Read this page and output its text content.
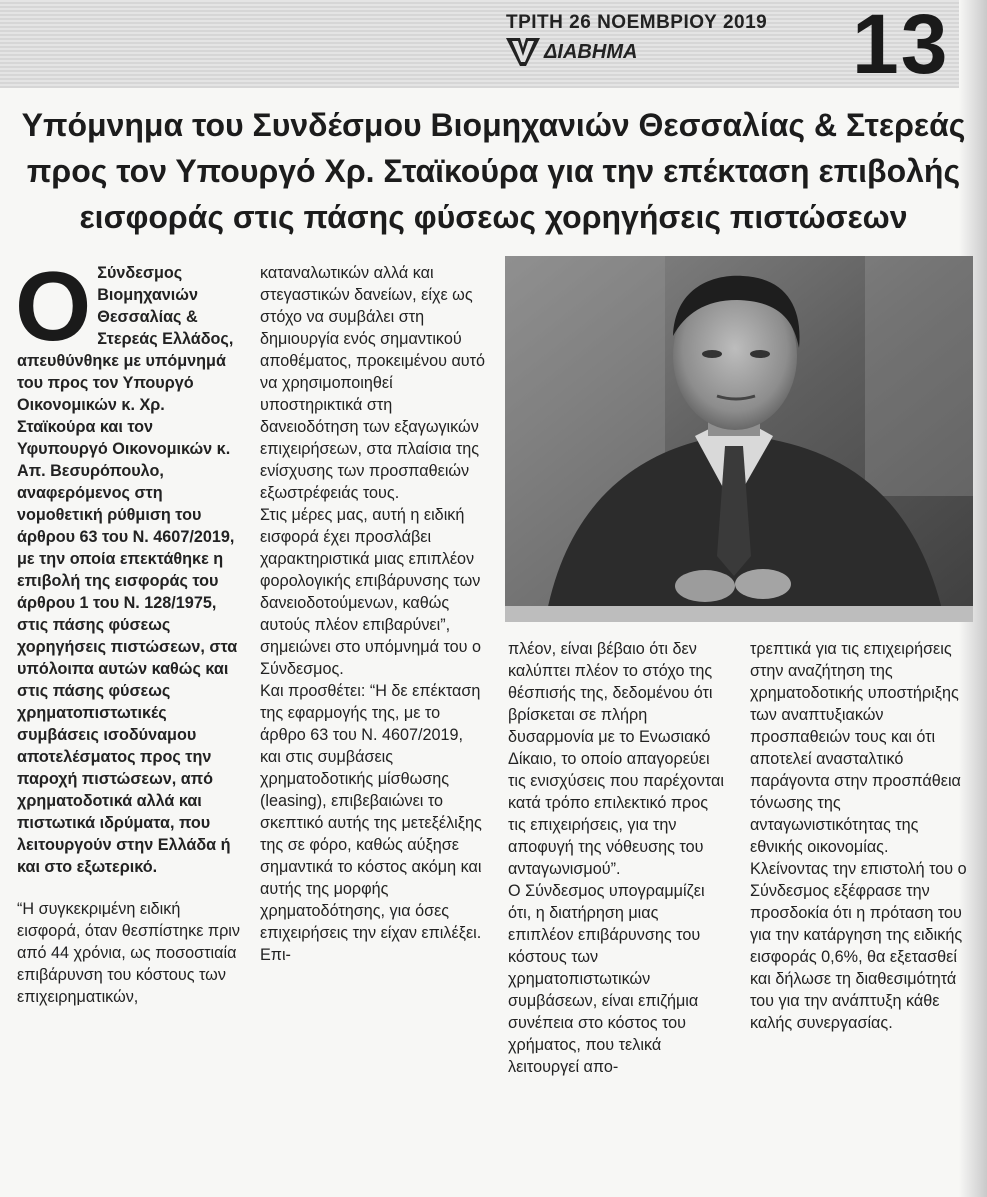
ΤΡΙΤΗ 26 ΝΟΕΜΒΡΙΟΥ 2019
ΔΙΑΒΗΜΑ	13
Υπόμνημα του Συνδέσμου Βιομηχανιών Θεσσαλίας & Στερεάς
προς τον Υπουργό Χρ. Σταϊκούρα για την επέκταση επιβολής
εισφοράς στις πάσης φύσεως χορηγήσεις πιστώσεων

Ο Σύνδεσμος Βιομηχανιών Θεσσαλίας & Στερεάς Ελλάδος, απευθύνθηκε με υπόμνημά του προς τον Υπουργό Οικονομικών κ. Χρ. Σταϊκούρα και τον Υφυπουργό Οικονομικών κ. Απ. Βεσυρόπουλο, αναφερόμενος στη νομοθετική ρύθμιση του άρθρου 63 του Ν. 4607/2019, με την οποία επεκτάθηκε η επιβολή της εισφοράς του άρθρου 1 του Ν. 128/1975, στις πάσης φύσεως χορηγήσεις πιστώσεων, στα υπόλοιπα αυτών καθώς και στις πάσης φύσεως χρηματοπιστωτικές συμβάσεις ισοδύναμου αποτελέσματος προς την παροχή πιστώσεων, από χρηματοδοτικά αλλά και πιστωτικά ιδρύματα, που λειτουργούν στην Ελλάδα ή και στο εξωτερικό.

“Η συγκεκριμένη ειδική εισφορά, όταν θεσπίστηκε πριν από 44 χρόνια, ως ποσοστιαία επιβάρυνση του κόστους των επιχειρηματικών,

καταναλωτικών αλλά και στεγαστικών δανείων, είχε ως στόχο να συμβάλει στη δημιουργία ενός σημαντικού αποθέματος, προκειμένου αυτό να χρησιμοποιηθεί υποστηρικτικά στη δανειοδότηση των εξαγωγικών επιχειρήσεων, στα πλαίσια της ενίσχυσης των προσπαθειών εξωστρέφειάς τους.

Στις μέρες μας, αυτή η ειδική εισφορά έχει προσλάβει χαρακτηριστικά μιας επιπλέον φορολογικής επιβάρυνσης των δανειοδοτούμενων, καθώς αυτούς πλέον επιβαρύνει”, σημειώνει στο υπόμνημά του ο Σύνδεσμος.

Και προσθέτει: “Η δε επέκταση της εφαρμογής της, με το άρθρο 63 του Ν. 4607/2019, και στις συμβάσεις χρηματοδοτικής μίσθωσης (leasing), επιβεβαιώνει το σκεπτικό αυτής της μετεξέλιξης της σε φόρο, καθώς αύξησε σημαντικά το κόστος ακόμη και αυτής της μορφής χρηματοδότησης, για όσες επιχειρήσεις την είχαν επιλέξει. Επι-

πλέον, είναι βέβαιο ότι δεν καλύπτει πλέον το στόχο της θέσπισής της, δεδομένου ότι βρίσκεται σε πλήρη δυσαρμονία με το Ενωσιακό Δίκαιο, το οποίο απαγορεύει τις ενισχύσεις που παρέχονται κατά τρόπο επιλεκτικό προς τις επιχειρήσεις, για την αποφυγή της νόθευσης του ανταγωνισμού”.

Ο Σύνδεσμος υπογραμμίζει ότι, η διατήρηση μιας επιπλέον επιβάρυνσης του κόστους των χρηματοπιστωτικών συμβάσεων, είναι επιζήμια συνέπεια στο κόστος του χρήματος, που τελικά λειτουργεί απο-

τρεπτικά για τις επιχειρήσεις στην αναζήτηση της χρηματοδοτικής υποστήριξης των αναπτυξιακών προσπαθειών τους και ότι αποτελεί ανασταλτικό παράγοντα στην προσπάθεια τόνωσης της ανταγωνιστικότητας της εθνικής οικονομίας.

Κλείνοντας την επιστολή του ο Σύνδεσμος εξέφρασε την προσδοκία ότι η πρόταση του για την κατάργηση της ειδικής εισφοράς 0,6%, θα εξετασθεί και δήλωσε τη διαθεσιμότητά του για την ανάπτυξη κάθε καλής συνεργασίας.
